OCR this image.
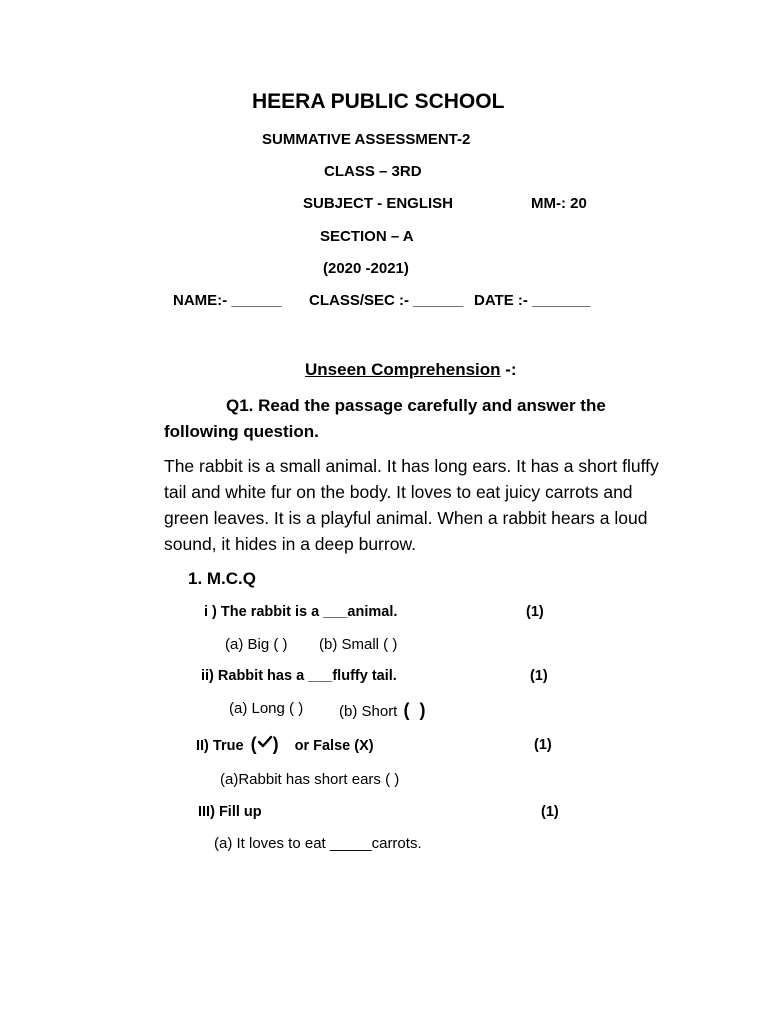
HEERA PUBLIC SCHOOL
SUMMATIVE ASSESSMENT-2
CLASS – 3RD
SUBJECT - ENGLISH	MM-: 20
SECTION – A
(2020 -2021)
NAME:- ______ CLASS/SEC :- ______ DATE :- _______
Unseen Comprehension -:
Q1. Read the passage carefully and answer the
following question.
The rabbit is a small animal. It has long ears. It has a short fluffy tail and white fur on the body. It loves to eat juicy carrots and green leaves. It is a playful animal. When a rabbit hears a loud sound, it hides in a deep burrow.
1. M.C.Q
i ) The rabbit is a ___animal.	(1)
(a) Big ( ) (b) Small ( )
ii) Rabbit has a ___fluffy tail.	(1)
(a) Long ( ) (b) Short (  )
II) True ( ) or False (X)	(1)
(a)Rabbit has short ears ( )
III) Fill up	(1)
(a) It loves to eat _____carrots.
